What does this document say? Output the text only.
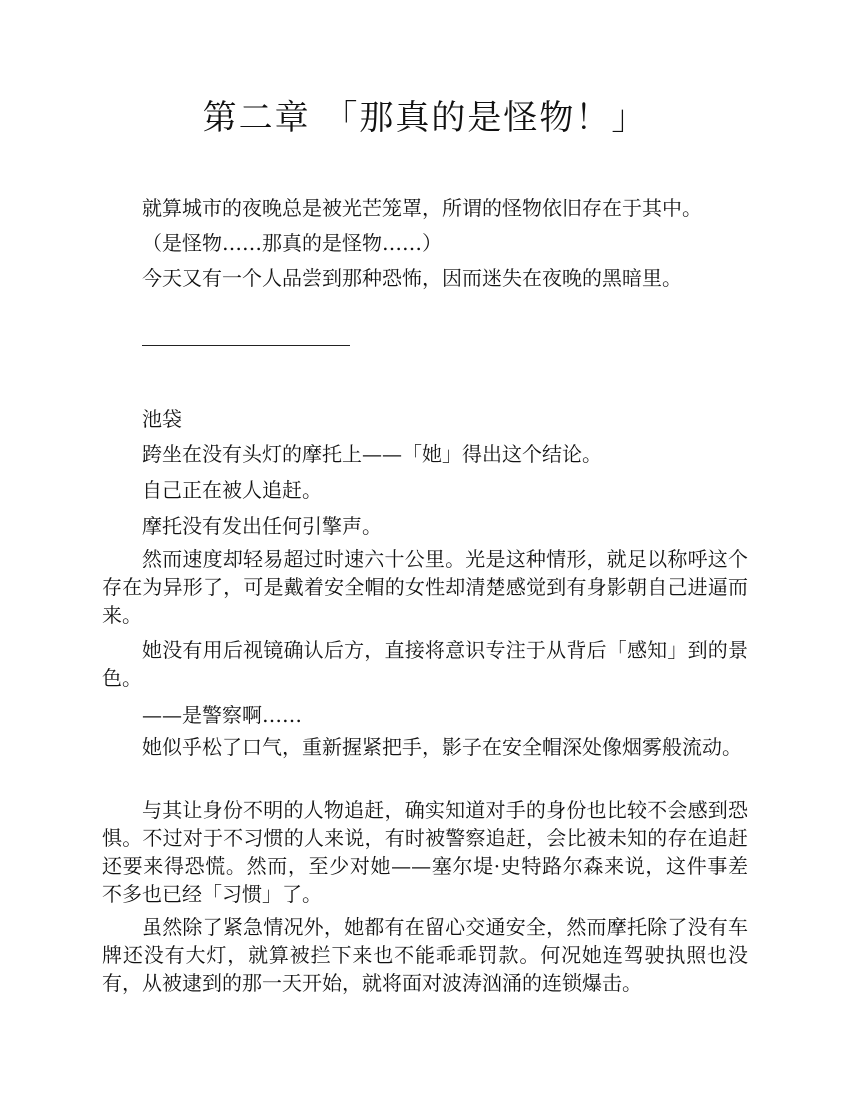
第二章 「那真的是怪物！」

就算城市的夜晚总是被光芒笼罩，所谓的怪物依旧存在于其中。

（是怪物……那真的是怪物……）

今天又有一个人品尝到那种恐怖，因而迷失在夜晚的黑暗里。

池袋

跨坐在没有头灯的摩托上——「她」得出这个结论。

自己正在被人追赶。

摩托没有发出任何引擎声。

然而速度却轻易超过时速六十公里。光是这种情形，就足以称呼这个存在为异形了，可是戴着安全帽的女性却清楚感觉到有身影朝自己进逼而来。

她没有用后视镜确认后方，直接将意识专注于从背后「感知」到的景色。

——是警察啊……

她似乎松了口气，重新握紧把手，影子在安全帽深处像烟雾般流动。

与其让身份不明的人物追赶，确实知道对手的身份也比较不会感到恐惧。不过对于不习惯的人来说，有时被警察追赶，会比被未知的存在追赶还要来得恐慌。然而，至少对她——塞尔堤·史特路尔森来说，这件事差不多也已经「习惯」了。

虽然除了紧急情况外，她都有在留心交通安全，然而摩托除了没有车牌还没有大灯，就算被拦下来也不能乖乖罚款。何况她连驾驶执照也没有，从被逮到的那一天开始，就将面对波涛汹涌的连锁爆击。
